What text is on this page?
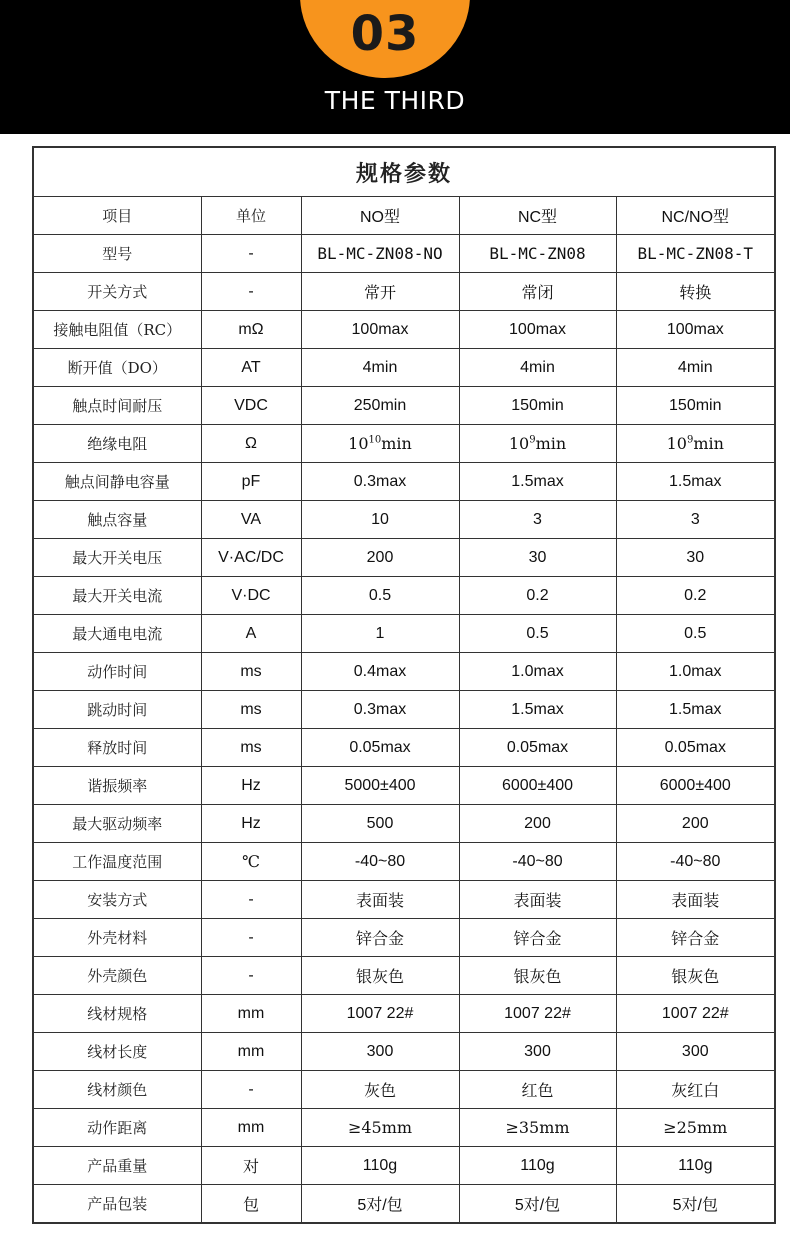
03
THE THIRD
规格参数				
项目	单位	NO型	NC型	NC/NO型
型号	-	BL-MC-ZN08-NO	BL-MC-ZN08	BL-MC-ZN08-T
开关方式	-	常开	常闭	转换
接触电阻值（RC）	mΩ	100max	100max	100max
断开值（DO）	AT	4min	4min	4min
触点时间耐压	VDC	250min	150min	150min
绝缘电阻	Ω	$10^{10}\min$	$10^9\min$	$10^9\min$
触点间静电容量	pF	0.3max	1.5max	1.5max
触点容量	VA	10	3	3
最大开关电压	V·AC/DC	200	30	30
最大开关电流	V·DC	0.5	0.2	0.2
最大通电电流	A	1	0.5	0.5
动作时间	ms	0.4max	1.0max	1.0max
跳动时间	ms	0.3max	1.5max	1.5max
释放时间	ms	0.05max	0.05max	0.05max
谐振频率	Hz	5000±400	6000±400	6000±400
最大驱动频率	Hz	500	200	200
工作温度范围	℃	-40~80	-40~80	-40~80
安装方式	-	表面装	表面装	表面装
外壳材料	-	锌合金	锌合金	锌合金
外壳颜色	-	银灰色	银灰色	银灰色
线材规格	mm	1007 22#	1007 22#	1007 22#
线材长度	mm	300	300	300
线材颜色	-	灰色	红色	灰红白
动作距离	mm	≥45mm	≥35mm	≥25mm
产品重量	对	110g	110g	110g
产品包装	包	5对/包	5对/包	5对/包
